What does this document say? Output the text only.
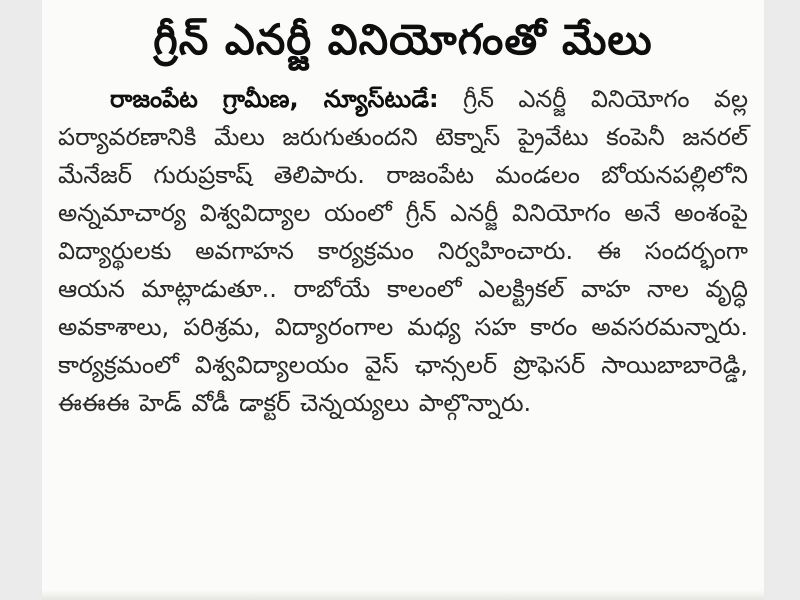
గ్రీన్ ఎనర్జీ వినియోగంతో మేలు
రాజంపేట గ్రామీణ, న్యూస్‌టుడే: గ్రీన్ ఎనర్జీ వినియోగం వల్ల పర్యావరణానికి మేలు జరుగుతుందని టెక్నాస్ ప్రైవేటు కంపెనీ జనరల్ మేనేజర్ గురుప్రకాష్ తెలిపారు. రాజంపేట మండలం బోయనపల్లిలోని అన్నమాచార్య విశ్వవిద్యాల యంలో గ్రీన్ ఎనర్జీ వినియోగం అనే అంశంపై విద్యార్థులకు అవగాహన కార్యక్రమం నిర్వహించారు. ఈ సందర్భంగా ఆయన మాట్లాడుతూ.. రాబోయే కాలంలో ఎలక్ట్రికల్ వాహ నాల వృద్ధి అవకాశాలు, పరిశ్రమ, విద్యారంగాల మధ్య సహ కారం అవసరమన్నారు. కార్యక్రమంలో విశ్వవిద్యాలయం వైస్ ఛాన్సలర్ ప్రొఫెసర్ సాయిబాబారెడ్డి, ఈఈఈ హెడ్ వోడీ డాక్టర్ చెన్నయ్యలు పాల్గొన్నారు.
